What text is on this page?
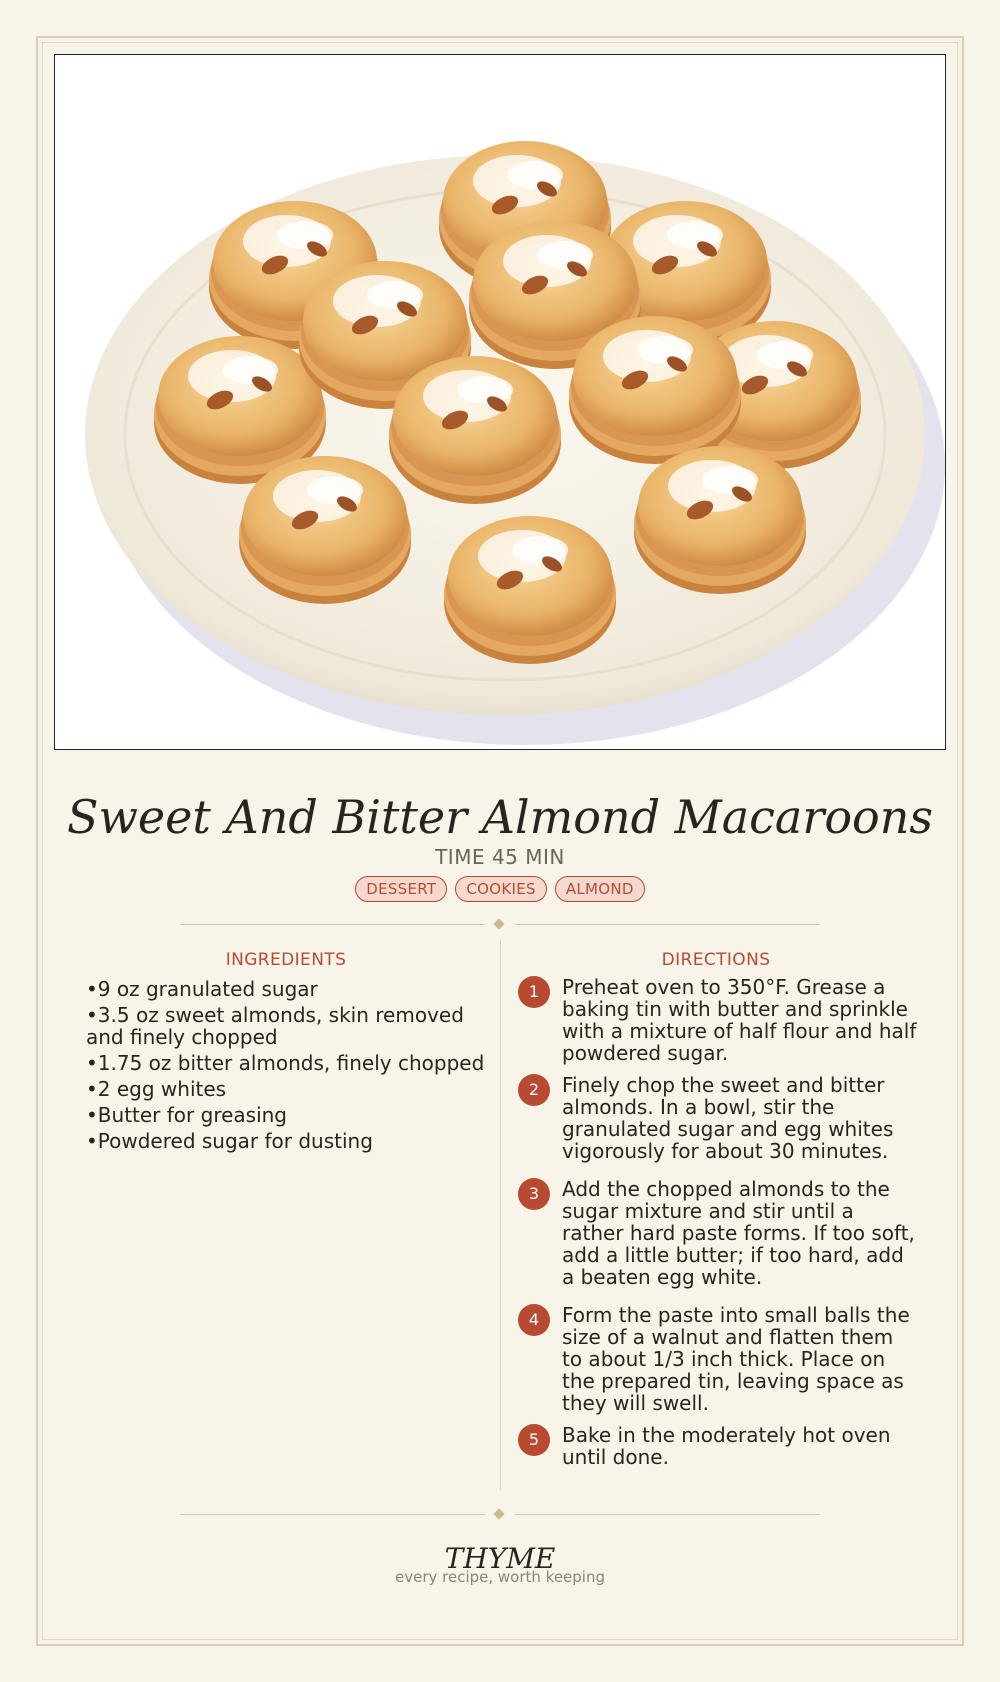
Sweet And Bitter Almond Macaroons
TIME 45 MIN
DESSERT	COOKIES	ALMOND
INGREDIENTS	DIRECTIONS
• 9 oz granulated sugar
• 3.5 oz sweet almonds, skin removed and finely chopped
• 1.75 oz bitter almonds, finely chopped
• 2 egg whites
• Butter for greasing
• Powdered sugar for dusting
1	Preheat oven to 350°F. Grease a baking tin with butter and sprinkle with a mixture of half flour and half powdered sugar.
2	Finely chop the sweet and bitter almonds. In a bowl, stir the granulated sugar and egg whites vigorously for about 30 minutes.
3	Add the chopped almonds to the sugar mixture and stir until a rather hard paste forms. If too soft, add a little butter; if too hard, add a beaten egg white.
4	Form the paste into small balls the size of a walnut and flatten them to about 1/3 inch thick. Place on the prepared tin, leaving space as they will swell.
5	Bake in the moderately hot oven until done.
THYME
every recipe, worth keeping
